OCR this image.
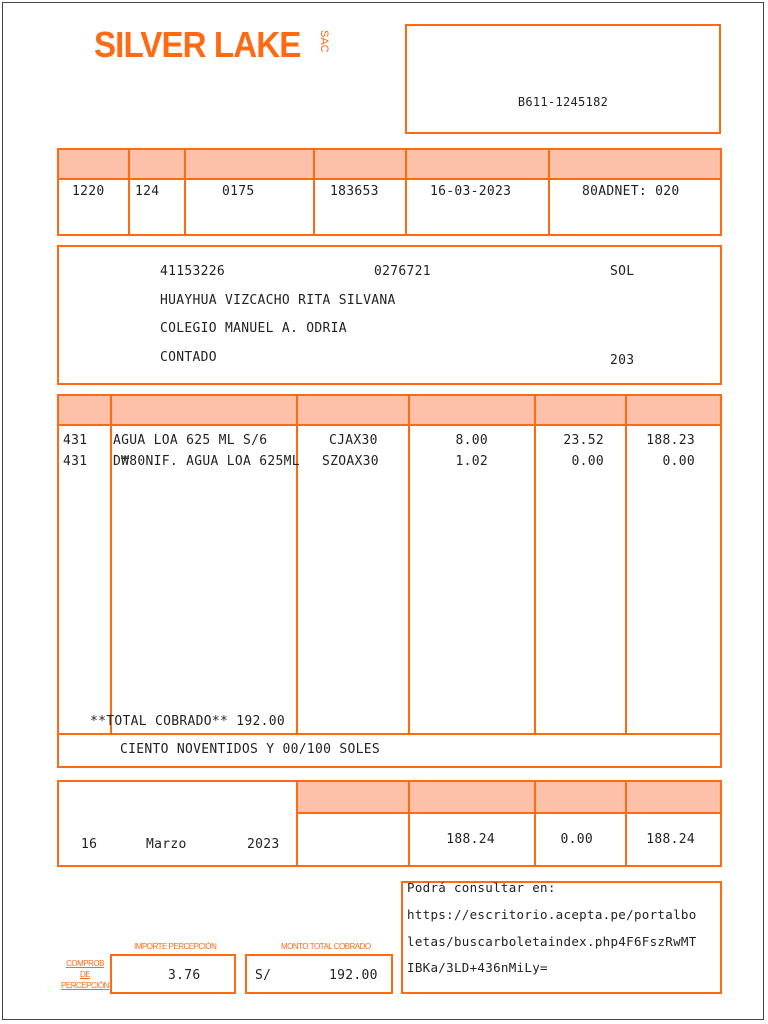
SILVER LAKE SAC
B611-1245182
1220 124	0175	183653	16-03-2023	80ADNET: 020
41153226	0276721	SOL
HUAYHUA VIZCACHO RITA SILVANA
COLEGIO MANUEL A. ODRIA
CONTADO	203
431 AGUA LOA 625 ML S/6	CJAX30	8.00	23.52	188.23
431 D₩80NIF. AGUA LOA 625ML SZOAX30	1.02	0.00	0.00
**TOTAL COBRADO** 192.00
CIENTO NOVENTIDOS Y 00/100 SOLES
16	Marzo	2023	188.24	0.00	188.24
COMPROB
DE
PERCEPCIÓN
IMPORTE PERCEPCIÓN	MONTO TOTAL COBRADO
3.76	S/	192.00
Podrá consultar en:
https://escritorio.acepta.pe/portalbo
letas/buscarboletaindex.php4F6FszRwMT
IBKa/3LD+436nMiLy=
